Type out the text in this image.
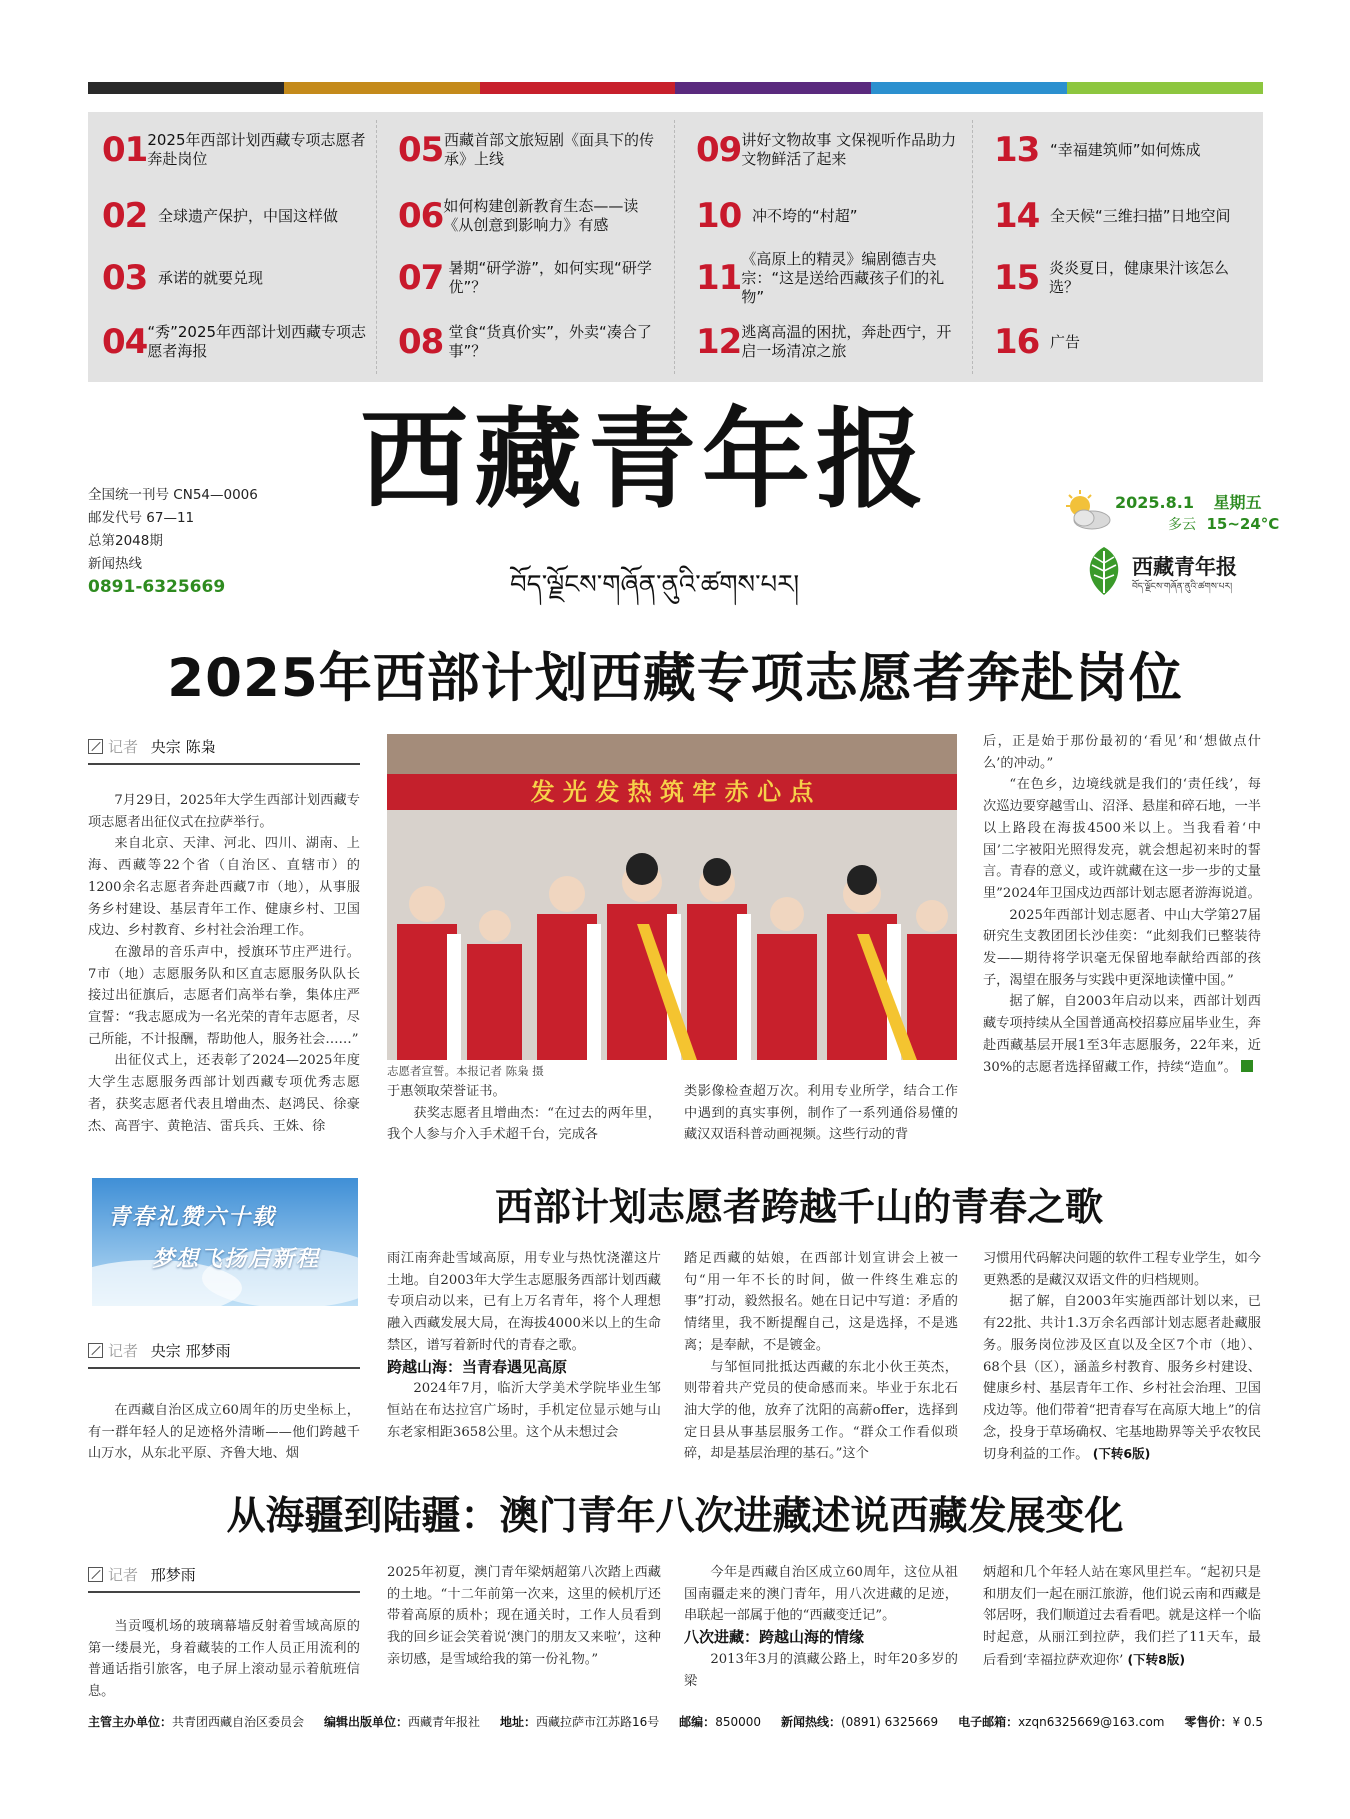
01 2025年西部计划西藏专项志愿者奔赴岗位
02 全球遗产保护，中国这样做
03 承诺的就要兑现
04 “秀”2025年西部计划西藏专项志愿者海报
05 西藏首部文旅短剧《面具下的传承》上线
06 如何构建创新教育生态——读《从创意到影响力》有感
07 暑期“研学游”，如何实现“研学优”？
08 堂食“货真价实”，外卖“凑合了事”？
09 讲好文物故事 文保视听作品助力文物鲜活了起来
10 冲不垮的“村超”
11 《高原上的精灵》编剧德吉央宗：“这是送给西藏孩子们的礼物”
12 逃离高温的困扰，奔赴西宁，开启一场清凉之旅
13 “幸福建筑师”如何炼成
14 全天候“三维扫描”日地空间
15 炎炎夏日，健康果汁该怎么选？
16 广告
西藏青年报
བོད་ལྗོངས་གཞོན་ནུའི་ཚགས་པར།
全国统一刊号 CN54—0006
邮发代号 67—11
总第2048期
新闻热线
0891-6325669
2025.8.1 星期五
多云 15~24°C
西藏青年报
བོད་ལྗོངས་གཞོན་ནུའི་ཚགས་པར།
2025年西部计划西藏专项志愿者奔赴岗位
记者 央宗 陈枭

7月29日，2025年大学生西部计划西藏专项志愿者出征仪式在拉萨举行。

来自北京、天津、河北、四川、湖南、上海、西藏等22个省（自治区、直辖市）的1200余名志愿者奔赴西藏7市（地），从事服务乡村建设、基层青年工作、健康乡村、卫国戍边、乡村教育、乡村社会治理工作。

在激昂的音乐声中，授旗环节庄严进行。7市（地）志愿服务队和区直志愿服务队队长接过出征旗后，志愿者们高举右拳，集体庄严宣誓：“我志愿成为一名光荣的青年志愿者，尽己所能，不计报酬，帮助他人，服务社会……”

出征仪式上，还表彰了2024—2025年度大学生志愿服务西部计划西藏专项优秀志愿者，获奖志愿者代表且增曲杰、赵鸿民、徐豪杰、高晋宇、黄艳洁、雷兵兵、王姝、徐

发 光 发 热 筑 牢 赤 心 点
志愿者宣誓。本报记者 陈枭 摄

于惠领取荣誉证书。

获奖志愿者且增曲杰：“在过去的两年里，我个人参与介入手术超千台，完成各

类影像检查超万次。利用专业所学，结合工作中遇到的真实事例，制作了一系列通俗易懂的藏汉双语科普动画视频。这些行动的背

后，正是始于那份最初的‘看见’和‘想做点什么’的冲动。”

“在色乡，边境线就是我们的‘责任线’，每次巡边要穿越雪山、沼泽、悬崖和碎石地，一半以上路段在海拔4500米以上。当我看着‘中国’二字被阳光照得发亮，就会想起初来时的誓言。青春的意义，或许就藏在这一步一步的丈量里”2024年卫国戍边西部计划志愿者游海说道。

2025年西部计划志愿者、中山大学第27届研究生支教团团长沙佳奕：“此刻我们已整装待发——期待将学识毫无保留地奉献给西部的孩子，渴望在服务与实践中更深地读懂中国。”

据了解，自2003年启动以来，西部计划西藏专项持续从全国普通高校招募应届毕业生，奔赴西藏基层开展1至3年志愿服务，22年来，近30%的志愿者选择留藏工作，持续“造血”。

青春礼赞六十载
梦想飞扬启新程
西部计划志愿者跨越千山的青春之歌
记者 央宗 邢梦雨

在西藏自治区成立60周年的历史坐标上，有一群年轻人的足迹格外清晰——他们跨越千山万水，从东北平原、齐鲁大地、烟

雨江南奔赴雪域高原，用专业与热忱浇灌这片土地。自2003年大学生志愿服务西部计划西藏专项启动以来，已有上万名青年，将个人理想融入西藏发展大局，在海拔4000米以上的生命禁区，谱写着新时代的青春之歌。

跨越山海：当青春遇见高原

2024年7月，临沂大学美术学院毕业生邹恒站在布达拉宫广场时，手机定位显示她与山东老家相距3658公里。这个从未想过会

踏足西藏的姑娘，在西部计划宣讲会上被一句“用一年不长的时间，做一件终生难忘的事”打动，毅然报名。她在日记中写道：矛盾的情绪里，我不断提醒自己，这是选择，不是逃离；是奉献，不是镀金。

与邹恒同批抵达西藏的东北小伙王英杰，则带着共产党员的使命感而来。毕业于东北石油大学的他，放弃了沈阳的高薪offer，选择到定日县从事基层服务工作。“群众工作看似琐碎，却是基层治理的基石。”这个

习惯用代码解决问题的软件工程专业学生，如今更熟悉的是藏汉双语文件的归档规则。

据了解，自2003年实施西部计划以来，已有22批、共计1.3万余名西部计划志愿者赴藏服务。服务岗位涉及区直以及全区7个市（地）、68个县（区），涵盖乡村教育、服务乡村建设、健康乡村、基层青年工作、乡村社会治理、卫国戍边等。他们带着“把青春写在高原大地上”的信念，投身于草场确权、宅基地勘界等关乎农牧民切身利益的工作。 (下转6版)

从海疆到陆疆：澳门青年八次进藏述说西藏发展变化
记者 邢梦雨

当贡嘎机场的玻璃幕墙反射着雪域高原的第一缕晨光，身着藏装的工作人员正用流利的普通话指引旅客，电子屏上滚动显示着航班信息。

2025年初夏，澳门青年梁炳超第八次踏上西藏的土地。“十二年前第一次来，这里的候机厅还带着高原的质朴；现在通关时，工作人员看到我的回乡证会笑着说‘澳门的朋友又来啦’，这种亲切感，是雪域给我的第一份礼物。”

今年是西藏自治区成立60周年，这位从祖国南疆走来的澳门青年，用八次进藏的足迹，串联起一部属于他的“西藏变迁记”。

八次进藏：跨越山海的情缘

2013年3月的滇藏公路上，时年20多岁的梁

炳超和几个年轻人站在寒风里拦车。“起初只是和朋友们一起在丽江旅游，他们说云南和西藏是邻居呀，我们顺道过去看看吧。就是这样一个临时起意，从丽江到拉萨，我们拦了11天车，最后看到‘幸福拉萨欢迎你’ (下转8版)

主管主办单位：共青团西藏自治区委员会 编辑出版单位：西藏青年报社 地址：西藏拉萨市江苏路16号 邮编：850000 新闻热线：(0891) 6325669 电子邮箱：xzqn6325669@163.com 零售价：¥ 0.5
